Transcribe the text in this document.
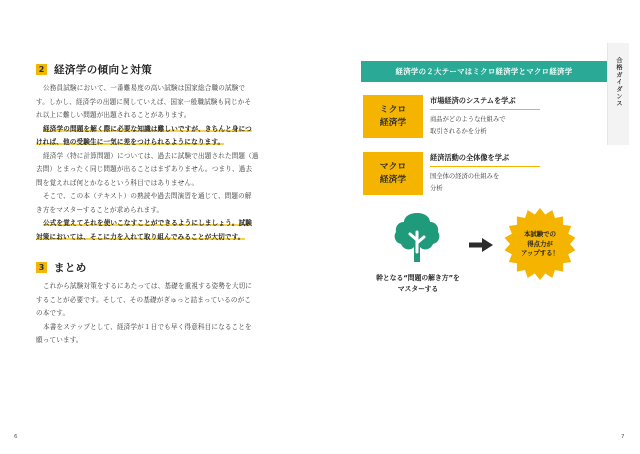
2 経済学の傾向と対策
公務員試験において、一番難易度の高い試験は国家総合職の試験で
す。しかし、経済学の出題に関していえば、国家一般職試験も同じかそ
れ以上に難しい問題が出題されることがあります。
経済学の問題を解く際に必要な知識は難しいですが、きちんと身につ
ければ、他の受験生に一気に差をつけられるようになります。
経済学（特に計算問題）については、過去に試験で出題された問題（過
去問）とまったく同じ問題が出ることはまずありません。つまり、過去
問を覚えれば何とかなるという科目ではありません。
そこで、この本（テキスト）の熟読や過去問演習を通じて、問題の解
き方をマスターすることが求められます。
公式を覚えてそれを使いこなすことができるようにしましょう。試験
対策においては、そこに力を入れて取り組んでみることが大切です。
3 まとめ
これから試験対策をするにあたっては、基礎を重視する姿勢を大切に
することが必要です。そして、その基礎がぎゅっと詰まっているのがこ
の本です。
本書をステップとして、経済学が１日でも早く得意科目になることを
願っています。
6
経済学の２大テーマはミクロ経済学とマクロ経済学	合格ガイダンス
ミクロ
経済学
市場経済のシステムを学ぶ
商品がどのような仕組みで
取引されるかを分析
マクロ
経済学
経済活動の全体像を学ぶ
国全体の経済の仕組みを
分析
本試験での
得点力が
アップする！
幹となる“問題の解き方”を
マスターする
7
